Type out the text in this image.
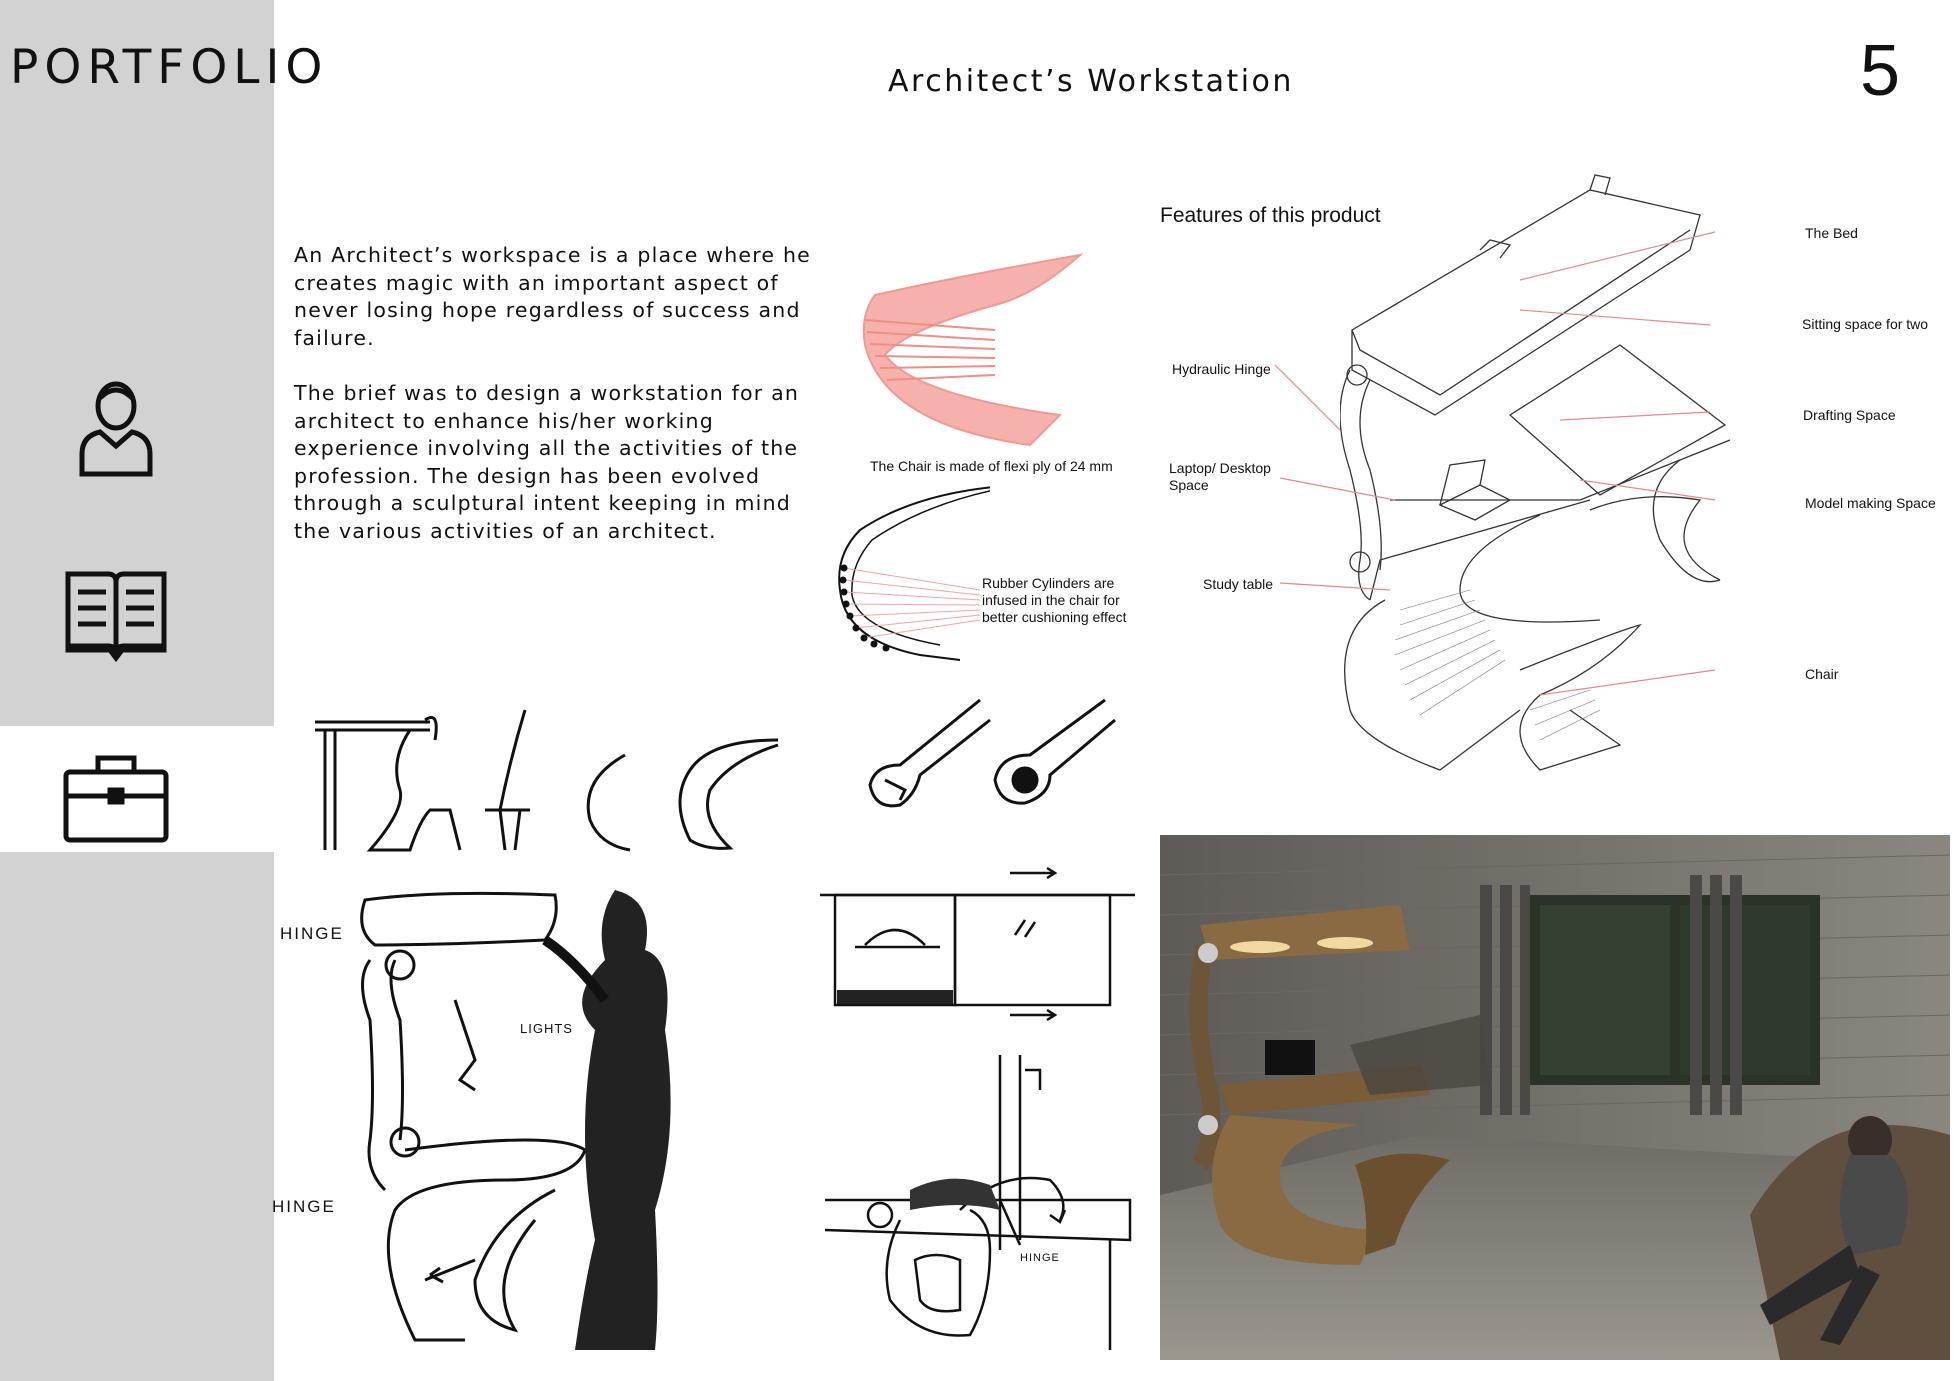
PORTFOLIO	Architect’s Workstation	5

An Architect’s workspace is a place where he creates magic with an important aspect of never losing hope regardless of success and failure.

The brief was to design a workstation for an architect to enhance his/her working experience involving all the activities of the profession. The design has been evolved through a sculptural intent keeping in mind the various activities of an architect.

The Chair is made of flexi ply of 24 mm
Rubber Cylinders are
infused in the chair for
better cushioning effect
Features of this product
The Bed
Sitting space for two
Drafting Space
Model making Space
Chair
Hydraulic Hinge
Laptop/ Desktop
Space
Study table
HINGE
LIGHTS
HINGE
HINGE
